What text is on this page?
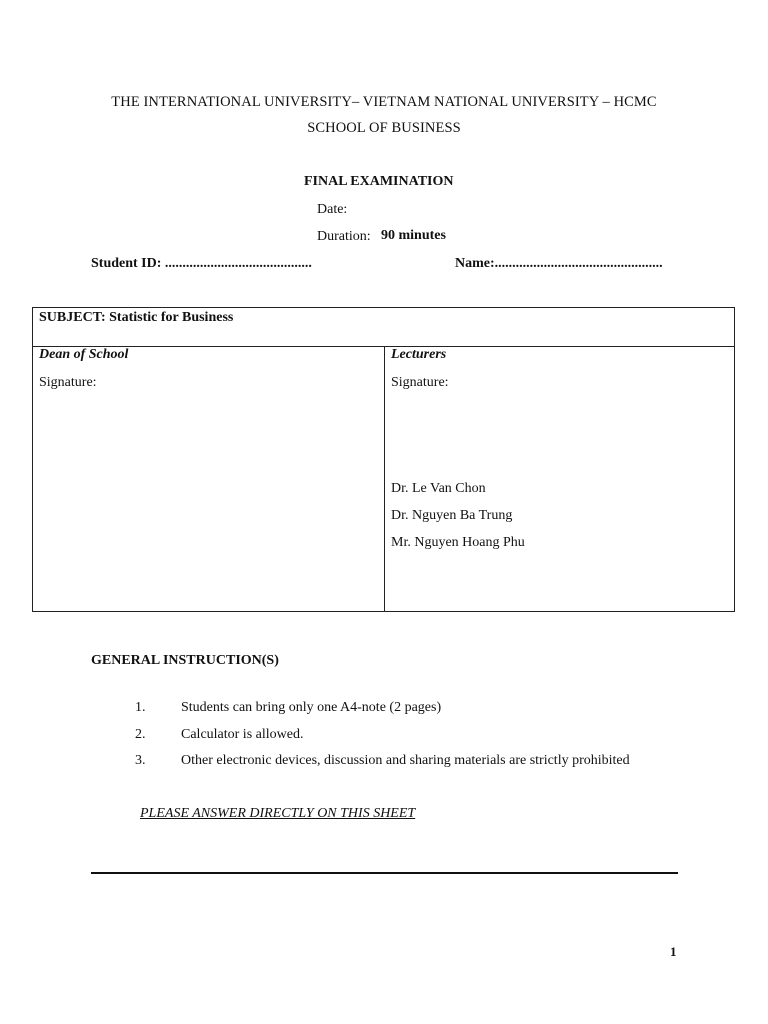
THE INTERNATIONAL UNIVERSITY– VIETNAM NATIONAL UNIVERSITY – HCMC
SCHOOL OF BUSINESS
FINAL EXAMINATION
Date:
Duration: 90 minutes
Student ID: ..........................................	Name:................................................
SUBJECT: Statistic for Business
Dean of School
Signature:
Lecturers
Signature:
Dr. Le Van Chon
Dr. Nguyen Ba Trung
Mr. Nguyen Hoang Phu
GENERAL INSTRUCTION(S)
1.	Students can bring only one A4-note (2 pages)
2.	Calculator is allowed.
3.	Other electronic devices, discussion and sharing materials are strictly prohibited
PLEASE ANSWER DIRECTLY ON THIS SHEET
1
